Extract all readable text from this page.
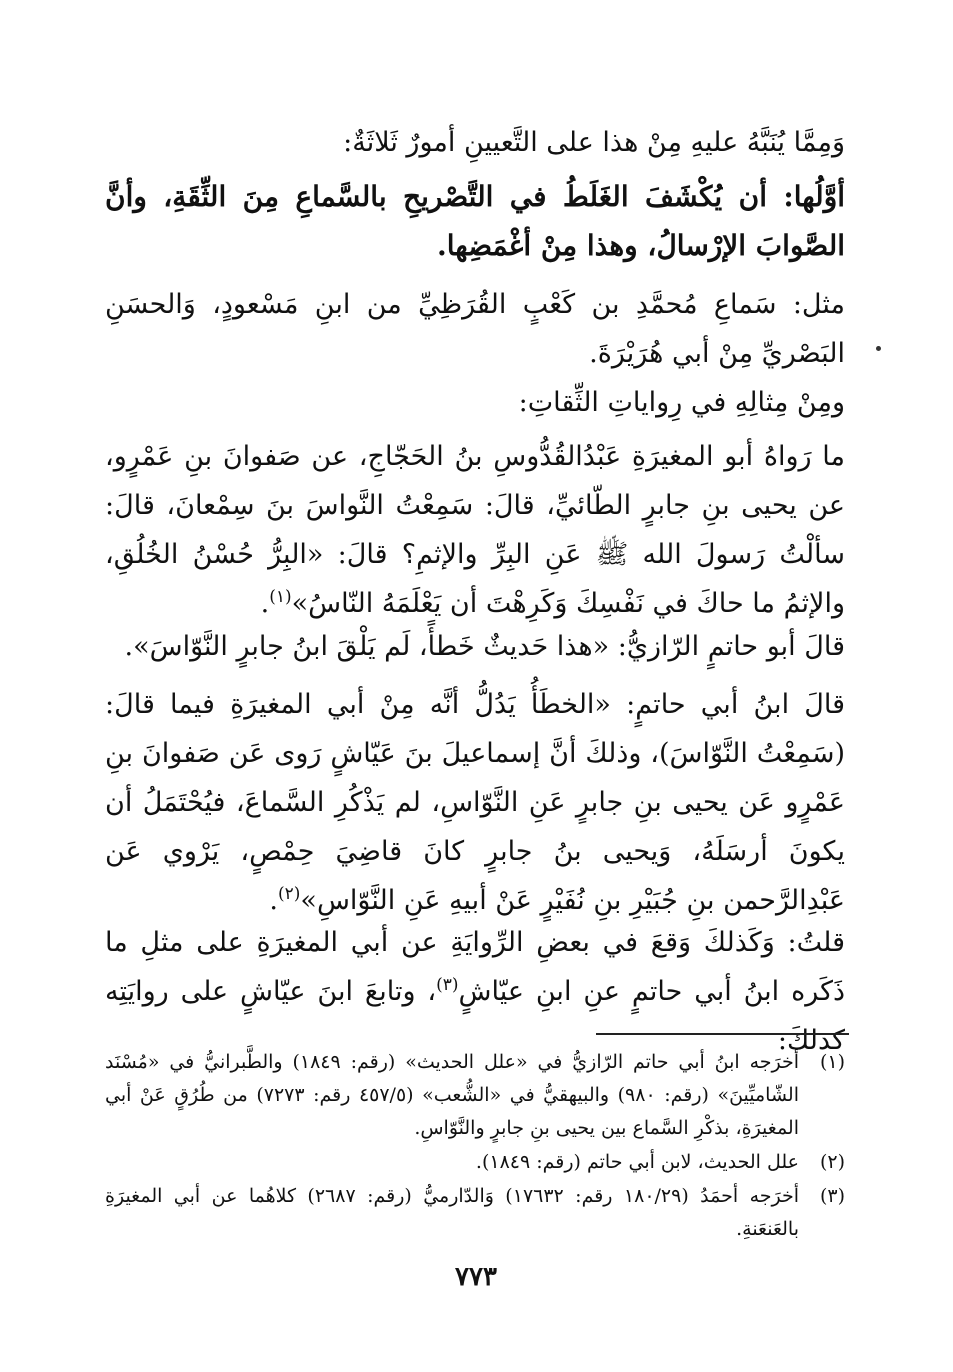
وَمِمَّا يُنَبَّهُ عليهِ مِنْ هذا على التَّعيينِ أمورٌ ثَلاثَةٌ:

أوَّلُها: أن يُكْشَفَ الغَلَطُ في التَّصْريحِ بالسَّماعِ مِنَ الثِّقَةِ، وأنَّ الصَّوابَ الإرْسالُ، وهذا مِنْ أغْمَضِها.

مثل: سَماعِ مُحمَّدِ بن كَعْبٍ القُرَظِيِّ من ابنِ مَسْعودٍ، وَالحسَنِ البَصْريِّ مِنْ أبي هُرَيْرَةَ.

ومِنْ مِثالِهِ في رِواياتِ الثِّقاتِ:

ما رَواهُ أبو المغيرَةِ عَبْدُالقُدُّوسِ بنُ الحَجّاجِ، عن صَفوانَ بنِ عَمْرٍو، عن يحيى بنِ جابرٍ الطّائيِّ، قالَ: سَمِعْتُ النَّواسَ بنَ سِمْعانَ، قالَ: سألْتُ رَسولَ الله ﷺ عَنِ البِرِّ والإثمِ؟ قالَ: «البِرُّ حُسْنُ الخُلُقِ، والإثمُ ما حاكَ في نَفْسِكَ وَكَرِهْتَ أن يَعْلَمَهُ النّاسُ»$^{(١)}$.

قالَ أبو حاتمٍ الرّازيُّ: «هذا حَديثٌ خَطأً، لَم يَلْقَ ابنُ جابرٍ النَّوّاسَ».

قالَ ابنُ أبي حاتمٍ: «الخطَأُ يَدُلُّ أنَّه مِنْ أبي المغيرَةِ فيما قالَ: (سَمِعْتُ النَّوّاسَ)، وذلكَ أنَّ إسماعيلَ بنَ عَيّاشٍ رَوى عَن صَفوانَ بنِ عَمْرٍو عَن يحيى بنِ جابرٍ عَنِ النَّوّاسِ، لم يَذْكُرِ السَّماعَ، فيُحْتَمَلُ أن يكونَ أرسَلَهُ، وَيحيى بنُ جابرٍ كانَ قاضِيَ حِمْصٍ، يَرْوي عَن عَبْدِالرَّحمن بنِ جُبَيْرِ بنِ نُفَيْرٍ عَنْ أبيهِ عَنِ النَّوّاسِ»$^{(٢)}$.

قلتُ: وَكَذلكَ وَقعَ في بعضِ الرِّوايَةِ عن أبي المغيرَةِ على مثلِ ما ذَكَره ابنُ أبي حاتمٍ عنِ ابنِ عيّاشٍ$^{(٣)}$، وتابعَ ابنَ عيّاشٍ على روايَتِه كذلكَ:

(١)
أخرَجه ابنُ أبي حاتم الرّازيُّ في «علل الحديث» (رقم: ١٨٤٩) والطَّبرانيُّ في «مُسْنَد الشّاميِّينَ» (رقم: ٩٨٠) والبيهقيُّ في «الشُّعب» (٤٥٧/٥ رقم: ٧٢٧٣) من طُرُقٍ عَنْ أبي المغيرَةِ، بذكْرِ السَّماع بين يحيى بنِ جابرٍ والنَّوّاسِ.
(٢)
علل الحديث، لابن أبي حاتم (رقم: ١٨٤٩).
(٣)
أخرَجه أحمَدُ (١٨٠/٢٩ رقم: ١٧٦٣٢) وَالدّارميُّ (رقم: ٢٦٨٧) كلاهُما عن أبي المغيرَةِ بالعَنعَنةِ.
٧٧٣
